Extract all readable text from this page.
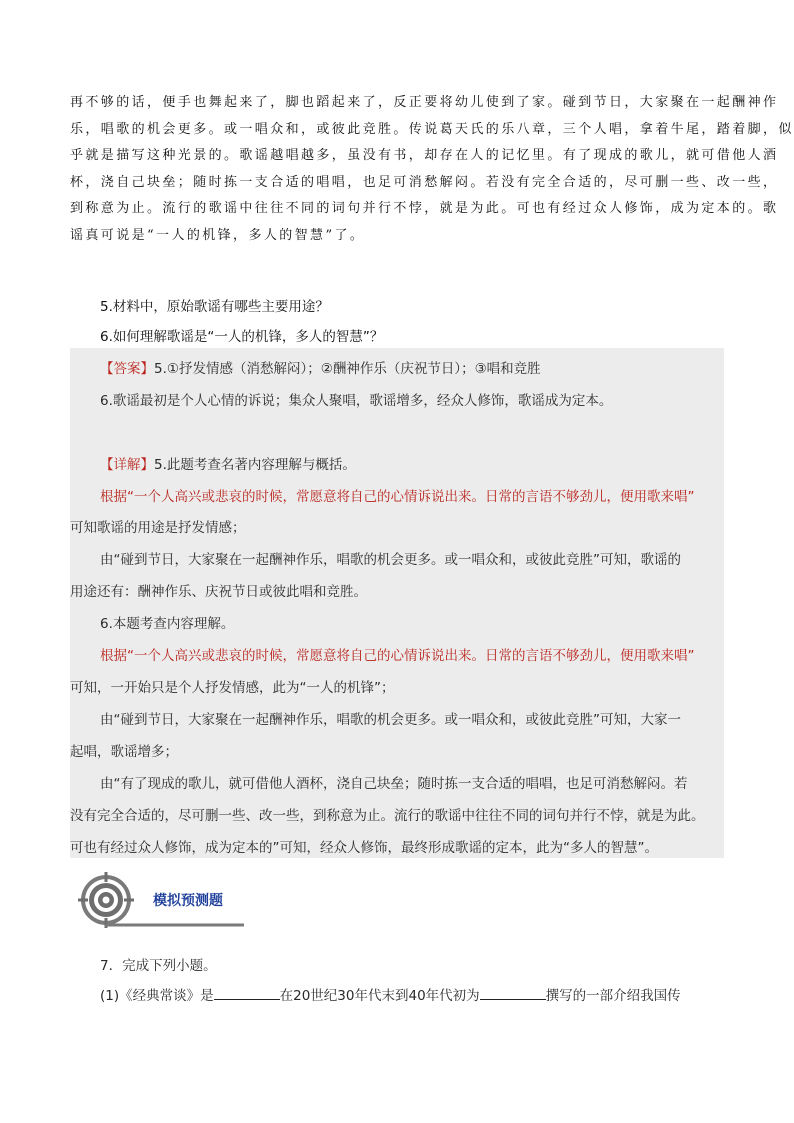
再不够的话，便手也舞起来了，脚也蹈起来了，反正要将幼儿使到了家。碰到节日，大家聚在一起酬神作

乐，唱歌的机会更多。或一唱众和，或彼此竞胜。传说葛天氏的乐八章，三个人唱，拿着牛尾，踏着脚，似

乎就是描写这种光景的。歌谣越唱越多，虽没有书，却存在人的记忆里。有了现成的歌儿，就可借他人酒

杯，浇自己块垒；随时拣一支合适的唱唱，也足可消愁解闷。若没有完全合适的，尽可删一些、改一些，

到称意为止。流行的歌谣中往往不同的词句并行不悖，就是为此。可也有经过众人修饰，成为定本的。歌

谣真可说是“一人的机锋，多人的智慧”了。

5.材料中，原始歌谣有哪些主要用途？
6.如何理解歌谣是“一人的机锋，多人的智慧”？
【答案】5.①抒发情感（消愁解闷）；②酬神作乐（庆祝节日）；③唱和竞胜
6.歌谣最初是个人心情的诉说；集众人聚唱，歌谣增多，经众人修饰，歌谣成为定本。
【详解】5.此题考查名著内容理解与概括。
根据“一个人高兴或悲哀的时候，常愿意将自己的心情诉说出来。日常的言语不够劲儿，便用歌来唱”
可知歌谣的用途是抒发情感；
由“碰到节日，大家聚在一起酬神作乐，唱歌的机会更多。或一唱众和，或彼此竞胜”可知，歌谣的
用途还有：酬神作乐、庆祝节日或彼此唱和竞胜。
6.本题考查内容理解。
根据“一个人高兴或悲哀的时候，常愿意将自己的心情诉说出来。日常的言语不够劲儿，便用歌来唱”
可知，一开始只是个人抒发情感，此为“一人的机锋”；
由“碰到节日，大家聚在一起酬神作乐，唱歌的机会更多。或一唱众和，或彼此竞胜”可知，大家一
起唱，歌谣增多；
由“有了现成的歌儿，就可借他人酒杯，浇自己块垒；随时拣一支合适的唱唱，也足可消愁解闷。若
没有完全合适的，尽可删一些、改一些，到称意为止。流行的歌谣中往往不同的词句并行不悖，就是为此。
可也有经过众人修饰，成为定本的”可知，经众人修饰，最终形成歌谣的定本，此为“多人的智慧”。
模拟预测题
7．完成下列小题。
(1)《经典常谈》是	在20世纪30年代末到40年代初为	撰写的一部介绍我国传
